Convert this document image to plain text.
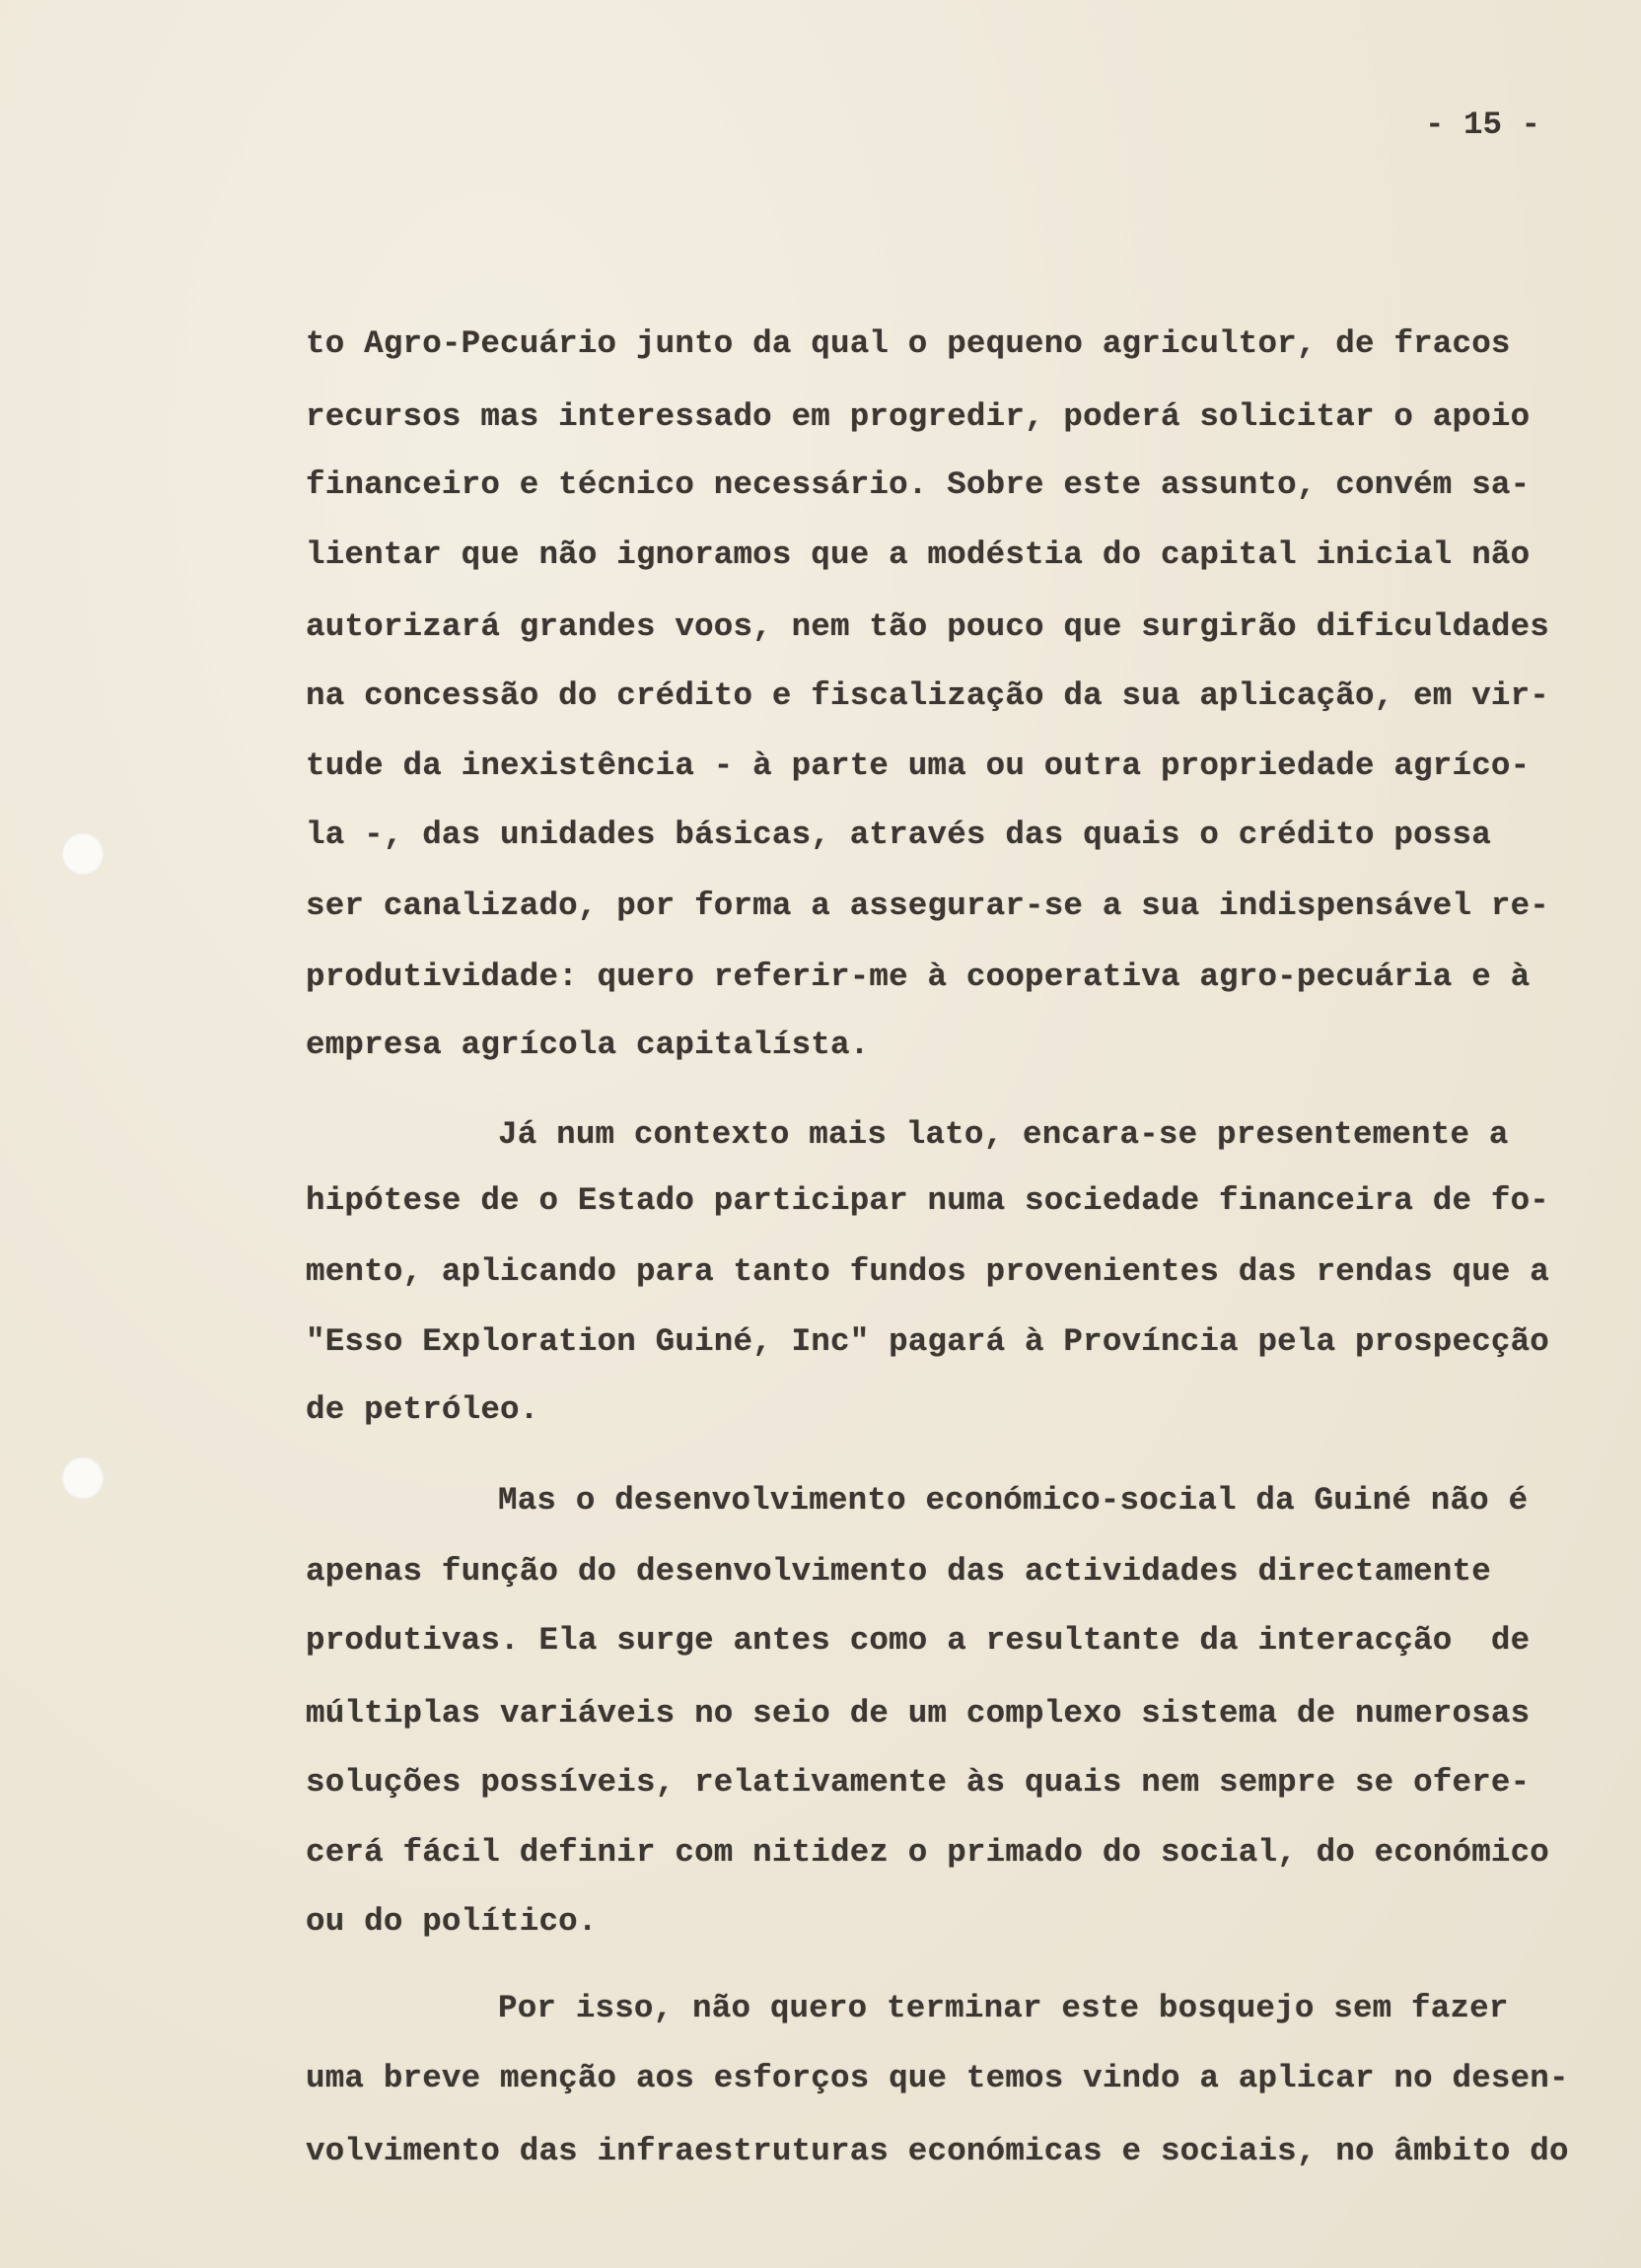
- 15 -
to Agro-Pecuário junto da qual o pequeno agricultor, de fracos
recursos mas interessado em progredir, poderá solicitar o apoio
financeiro e técnico necessário. Sobre este assunto, convém sa-
lientar que não ignoramos que a modéstia do capital inicial não
autorizará grandes voos, nem tão pouco que surgirão dificuldades
na concessão do crédito e fiscalização da sua aplicação, em vir-
tude da inexistência - à parte uma ou outra propriedade agríco-
la -, das unidades básicas, através das quais o crédito possa
ser canalizado, por forma a assegurar-se a sua indispensável re-
produtividade: quero referir-me à cooperativa agro-pecuária e à
empresa agrícola capitalísta.
Já num contexto mais lato, encara-se presentemente a
hipótese de o Estado participar numa sociedade financeira de fo-
mento, aplicando para tanto fundos provenientes das rendas que a
"Esso Exploration Guiné, Inc" pagará à Província pela prospecção
de petróleo.
Mas o desenvolvimento económico-social da Guiné não é
apenas função do desenvolvimento das actividades directamente
produtivas. Ela surge antes como a resultante da interacção  de
múltiplas variáveis no seio de um complexo sistema de numerosas
soluções possíveis, relativamente às quais nem sempre se ofere-
cerá fácil definir com nitidez o primado do social, do económico
ou do político.
Por isso, não quero terminar este bosquejo sem fazer
uma breve menção aos esforços que temos vindo a aplicar no desen-
volvimento das infraestruturas económicas e sociais, no âmbito do
